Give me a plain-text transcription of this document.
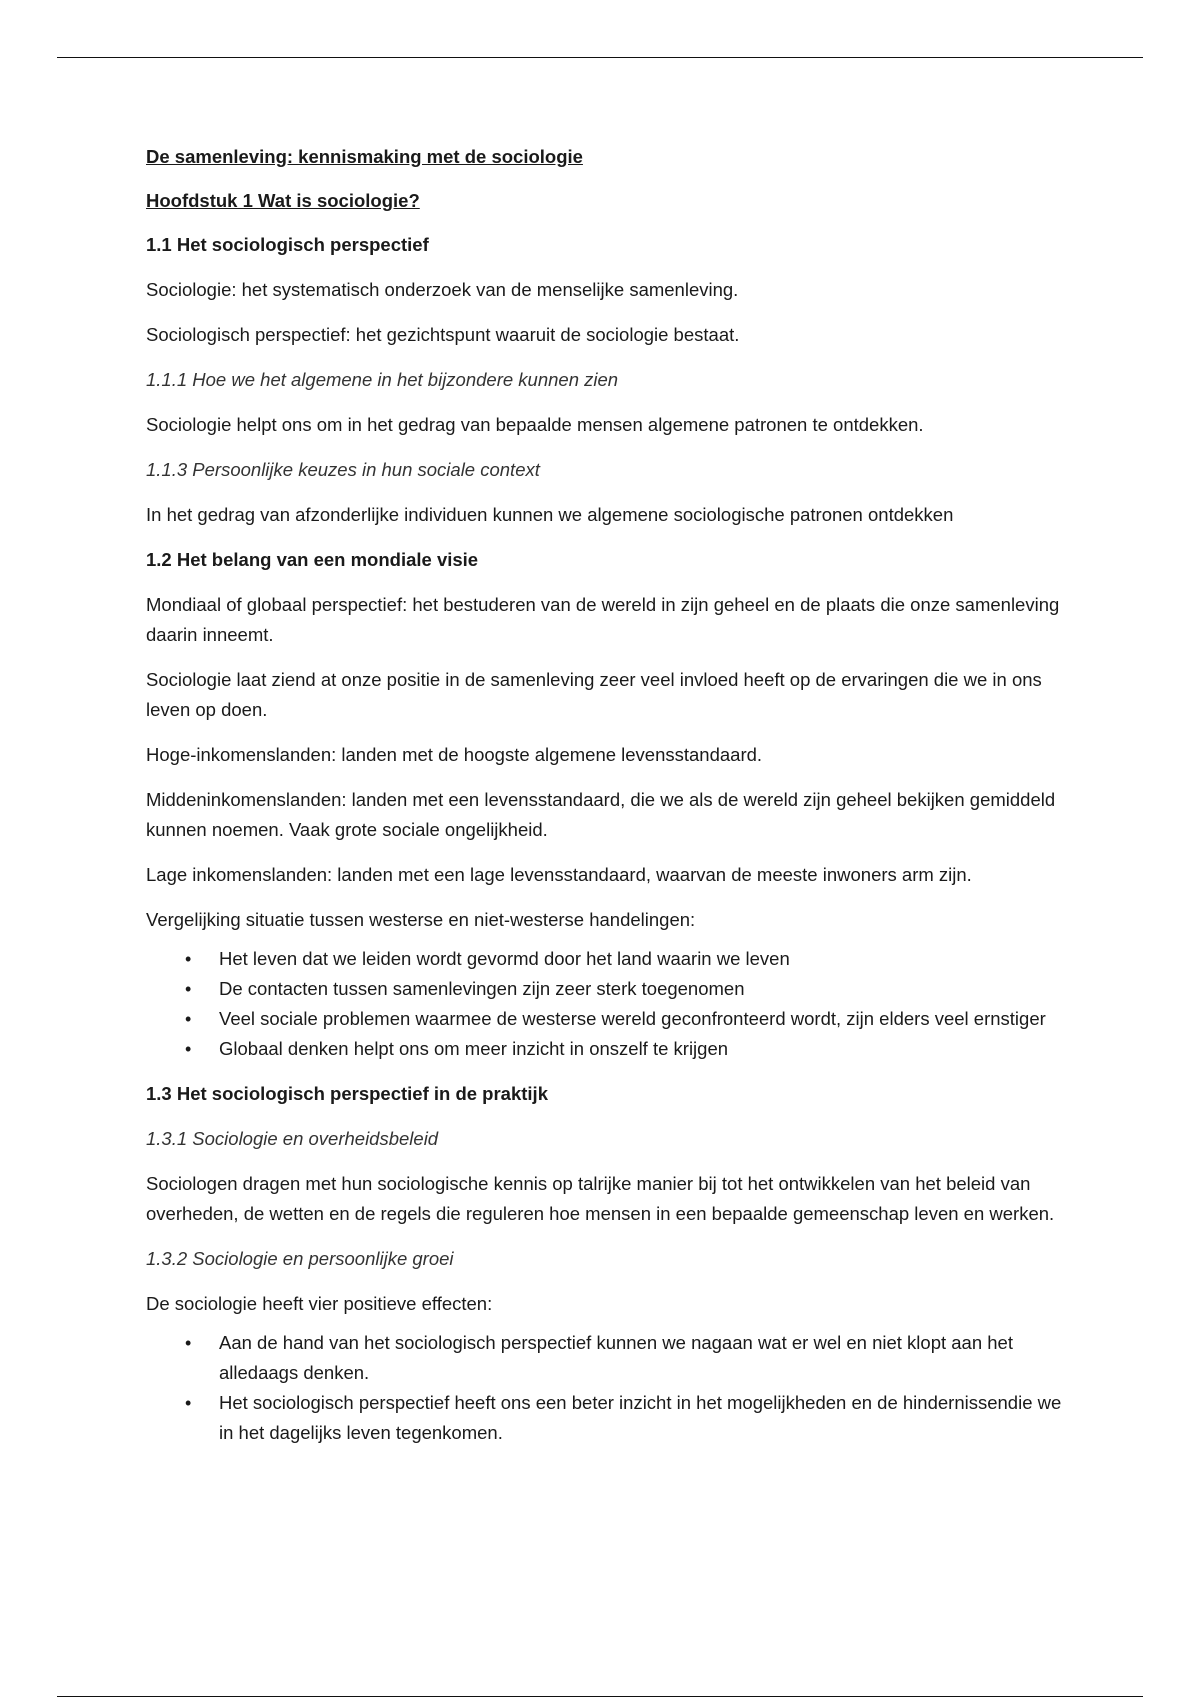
De samenleving: kennismaking met de sociologie

Hoofdstuk 1 Wat is sociologie?

1.1 Het sociologisch perspectief

Sociologie: het systematisch onderzoek van de menselijke samenleving.

Sociologisch perspectief: het gezichtspunt waaruit de sociologie bestaat.

1.1.1 Hoe we het algemene in het bijzondere kunnen zien

Sociologie helpt ons om in het gedrag van bepaalde mensen algemene patronen te ontdekken.

1.1.3 Persoonlijke keuzes in hun sociale context

In het gedrag van afzonderlijke individuen kunnen we algemene sociologische patronen ontdekken

1.2 Het belang van een mondiale visie

Mondiaal of globaal perspectief: het bestuderen van de wereld in zijn geheel en de plaats die onze samenleving daarin inneemt.

Sociologie laat ziend at onze positie in de samenleving zeer veel invloed heeft op de ervaringen die we in ons leven op doen.

Hoge-inkomenslanden: landen met de hoogste algemene levensstandaard.

Middeninkomenslanden: landen met een levensstandaard, die we als de wereld zijn geheel bekijken gemiddeld kunnen noemen. Vaak grote sociale ongelijkheid.

Lage inkomenslanden: landen met een lage levensstandaard, waarvan de meeste inwoners arm zijn.

Vergelijking situatie tussen westerse en niet-westerse handelingen:

• Het leven dat we leiden wordt gevormd door het land waarin we leven
• De contacten tussen samenlevingen zijn zeer sterk toegenomen
• Veel sociale problemen waarmee de westerse wereld geconfronteerd wordt, zijn elders veel ernstiger
• Globaal denken helpt ons om meer inzicht in onszelf te krijgen

1.3 Het sociologisch perspectief in de praktijk

1.3.1 Sociologie en overheidsbeleid

Sociologen dragen met hun sociologische kennis op talrijke manier bij tot het ontwikkelen van het beleid van overheden, de wetten en de regels die reguleren hoe mensen in een bepaalde gemeenschap leven en werken.

1.3.2 Sociologie en persoonlijke groei

De sociologie heeft vier positieve effecten:

• Aan de hand van het sociologisch perspectief kunnen we nagaan wat er wel en niet klopt aan het alledaags denken.
• Het sociologisch perspectief heeft ons een beter inzicht in het mogelijkheden en de hindernissendie we in het dagelijks leven tegenkomen.
